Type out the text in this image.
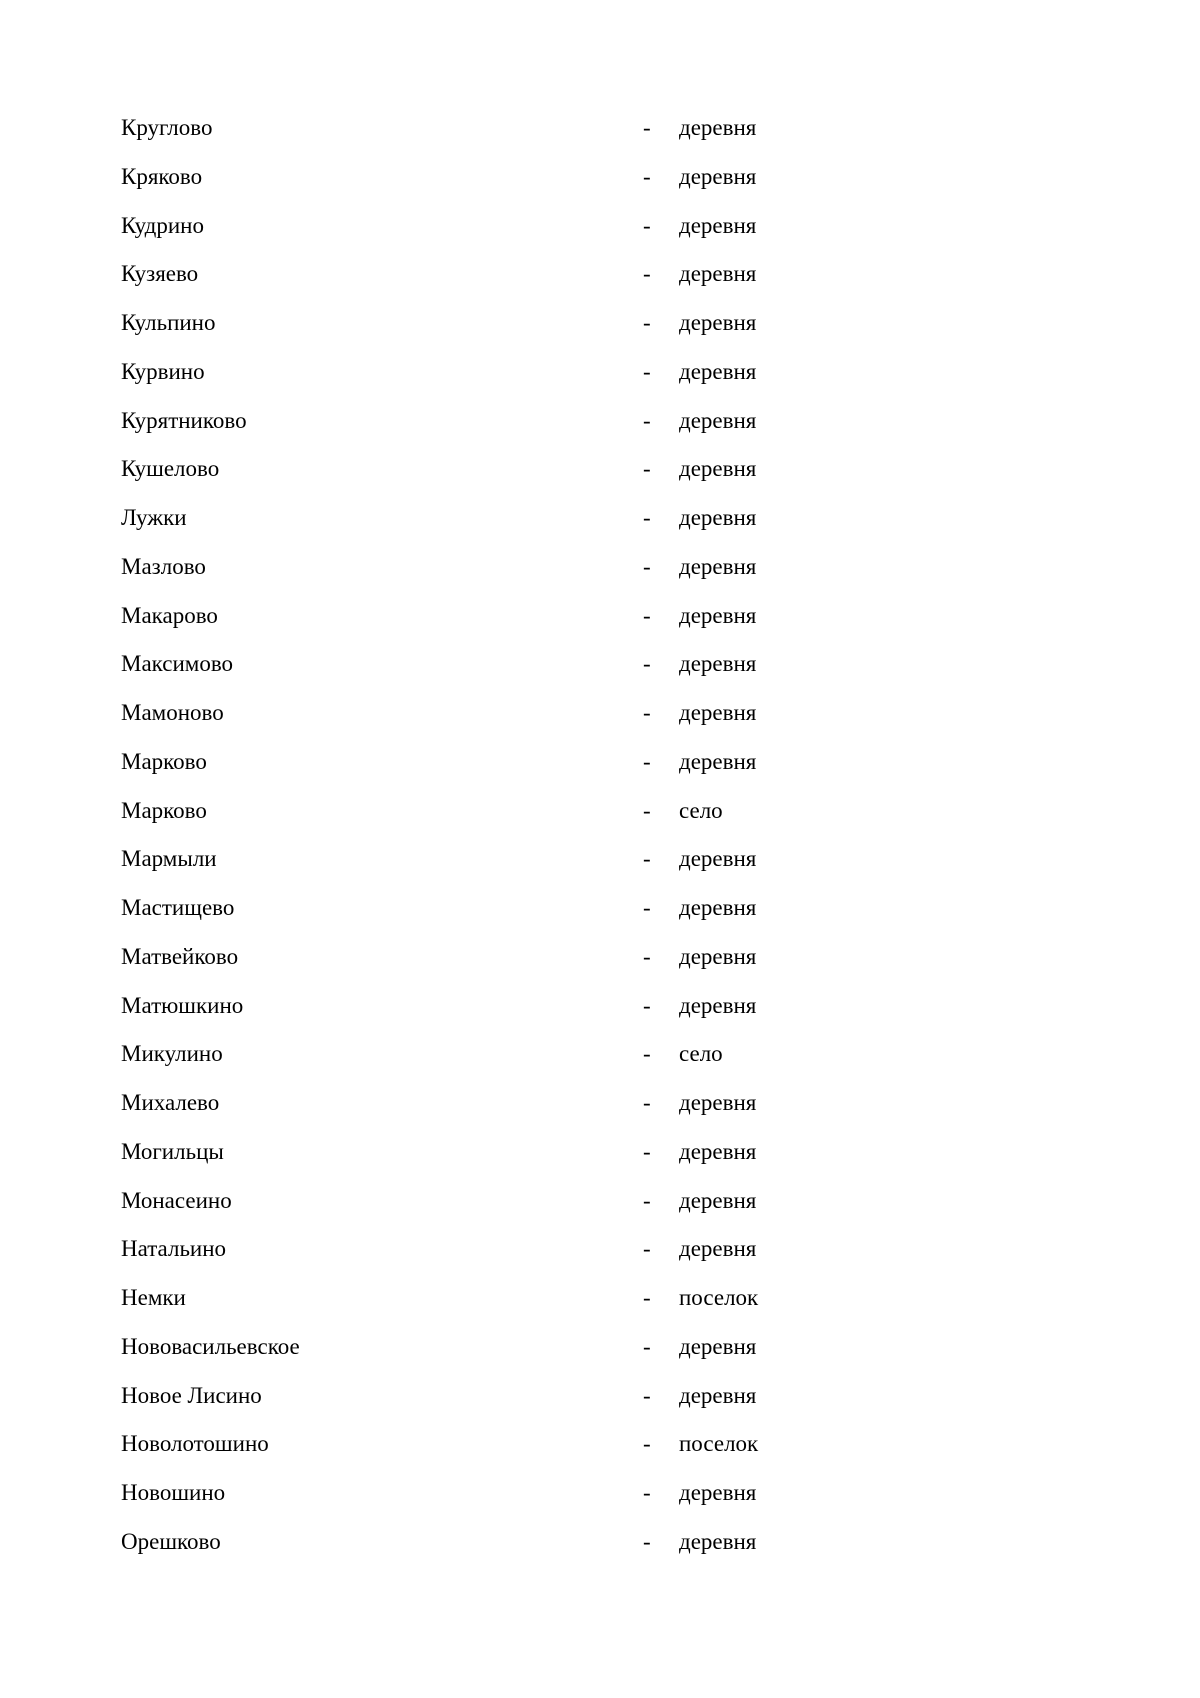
Круглово	- деревня
Кряково	- деревня
Кудрино	- деревня
Кузяево	- деревня
Кульпино	- деревня
Курвино	- деревня
Курятниково	- деревня
Кушелово	- деревня
Лужки	- деревня
Мазлово	- деревня
Макарово	- деревня
Максимово	- деревня
Мамоново	- деревня
Марково	- деревня
Марково	- село
Мармыли	- деревня
Мастищево	- деревня
Матвейково	- деревня
Матюшкино	- деревня
Микулино	- село
Михалево	- деревня
Могильцы	- деревня
Монасеино	- деревня
Натальино	- деревня
Немки	- поселок
Нововасильевское	- деревня
Новое Лисино	- деревня
Новолотошино	- поселок
Новошино	- деревня
Орешково	- деревня
